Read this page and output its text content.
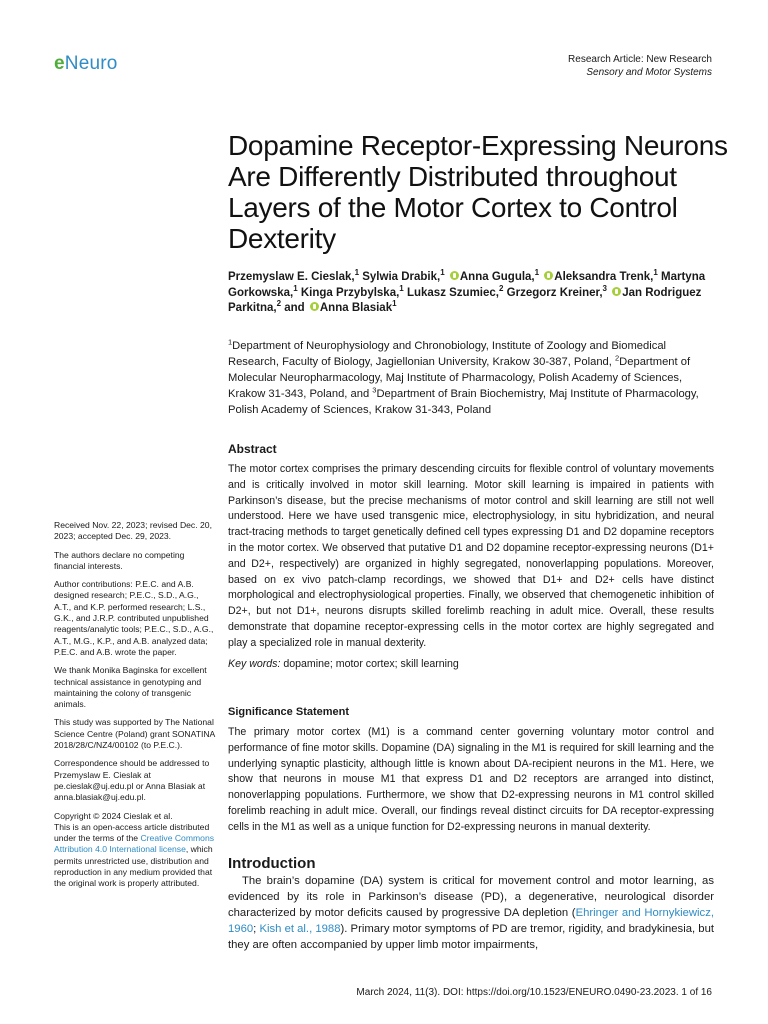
eNeuro	Research Article: New Research
Sensory and Motor Systems
Dopamine Receptor-Expressing Neurons Are Differently Distributed throughout Layers of the Motor Cortex to Control Dexterity
Przemyslaw E. Cieslak,$^1$ Sylwia Drabik,$^1$ Anna Gugula,$^1$ Aleksandra Trenk,$^1$ Martyna Gorkowska,$^1$ Kinga Przybylska,$^1$ Lukasz Szumiec,$^2$ Grzegorz Kreiner,$^3$ Jan Rodriguez Parkitna,$^2$ and Anna Blasiak$^1$
$^1$Department of Neurophysiology and Chronobiology, Institute of Zoology and Biomedical Research, Faculty of Biology, Jagiellonian University, Krakow 30-387, Poland, $^2$Department of Molecular Neuropharmacology, Maj Institute of Pharmacology, Polish Academy of Sciences, Krakow 31-343, Poland, and $^3$Department of Brain Biochemistry, Maj Institute of Pharmacology, Polish Academy of Sciences, Krakow 31-343, Poland
Abstract
The motor cortex comprises the primary descending circuits for flexible control of voluntary movements and is critically involved in motor skill learning. Motor skill learning is impaired in patients with Parkinson’s disease, but the precise mechanisms of motor control and skill learning are still not well understood. Here we have used transgenic mice, electrophysiology, in situ hybridization, and neural tract-tracing methods to target genetically defined cell types expressing D1 and D2 dopamine receptors in the motor cortex. We observed that putative D1 and D2 dopamine receptor-expressing neurons (D1+ and D2+, respectively) are organized in highly segregated, nonoverlapping populations. Moreover, based on ex vivo patch-clamp recordings, we showed that D1+ and D2+ cells have distinct morphological and electrophysiological properties. Finally, we observed that chemogenetic inhibition of D2+, but not D1+, neurons disrupts skilled forelimb reaching in adult mice. Overall, these results demonstrate that dopamine receptor-expressing cells in the motor cortex are highly segregated and play a specialized role in manual dexterity.
Key words: dopamine; motor cortex; skill learning
Significance Statement
The primary motor cortex (M1) is a command center governing voluntary motor control and performance of fine motor skills. Dopamine (DA) signaling in the M1 is required for skill learning and the underlying synaptic plasticity, although little is known about DA-recipient neurons in the M1. Here, we show that neurons in mouse M1 that express D1 and D2 receptors are arranged into distinct, nonoverlapping populations. Furthermore, we show that D2-expressing neurons in M1 control skilled forelimb reaching in adult mice. Overall, our findings reveal distinct circuits for DA receptor-expressing cells in the M1 as well as a unique function for D2-expressing neurons in manual dexterity.
Introduction
The brain’s dopamine (DA) system is critical for movement control and motor learning, as evidenced by its role in Parkinson’s disease (PD), a degenerative, neurological disorder characterized by motor deficits caused by progressive DA depletion (Ehringer and Hornykiewicz, 1960; Kish et al., 1988). Primary motor symptoms of PD are tremor, rigidity, and bradykinesia, but they are often accompanied by upper limb motor impairments,

Received Nov. 22, 2023; revised Dec. 20, 2023; accepted Dec. 29, 2023.

The authors declare no competing financial interests.

Author contributions: P.E.C. and A.B. designed research; P.E.C., S.D., A.G., A.T., and K.P. performed research; L.S., G.K., and J.R.P. contributed unpublished reagents/analytic tools; P.E.C., S.D., A.G., A.T., M.G., K.P., and A.B. analyzed data; P.E.C. and A.B. wrote the paper.

We thank Monika Baginska for excellent technical assistance in genotyping and maintaining the colony of transgenic animals.

This study was supported by The National Science Centre (Poland) grant SONATINA 2018/28/C/NZ4/00102 (to P.E.C.).

Correspondence should be addressed to Przemyslaw E. Cieslak at pe.cieslak@uj.edu.pl or Anna Blasiak at anna.blasiak@uj.edu.pl.

Copyright © 2024 Cieslak et al.
This is an open-access article distributed under the terms of the Creative Commons Attribution 4.0 International license, which permits unrestricted use, distribution and reproduction in any medium provided that the original work is properly attributed.

March 2024, 11(3). DOI: https://doi.org/10.1523/ENEURO.0490-23.2023. 1 of 16
